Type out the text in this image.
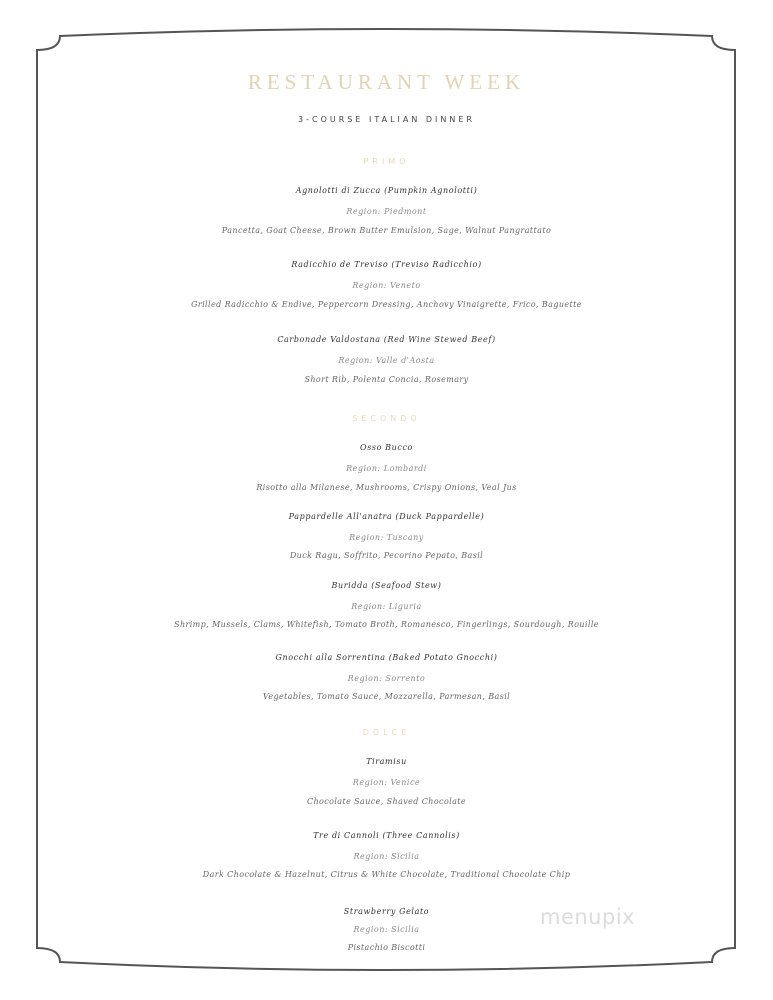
RESTAURANT WEEK
3-COURSE ITALIAN DINNER
PRIMO
Agnolotti di Zucca (Pumpkin Agnolotti)
Region: Piedmont
Pancetta, Goat Cheese, Brown Butter Emulsion, Sage, Walnut Pangrattato
Radicchio de Treviso (Treviso Radicchio)
Region: Veneto
Grilled Radicchio & Endive, Peppercorn Dressing, Anchovy Vinaigrette, Frico, Baguette
Carbonade Valdostana (Red Wine Stewed Beef)
Region: Valle d'Aosta
Short Rib, Polenta Concia, Rosemary
SECONDO
Osso Bucco
Region: Lombardi
Risotto alla Milanese, Mushrooms, Crispy Onions, Veal Jus
Pappardelle All'anatra (Duck Pappardelle)
Region: Tuscany
Duck Ragu, Soffrito, Pecorino Pepato, Basil
Buridda (Seafood Stew)
Region: Liguria
Shrimp, Mussels, Clams, Whitefish, Tomato Broth, Romanesco, Fingerlings, Sourdough, Rouille
Gnocchi alla Sorrentina (Baked Potato Gnocchi)
Region: Sorrento
Vegetables, Tomato Sauce, Mozzarella, Parmesan, Basil
DOLCE
Tiramisu
Region: Venice
Chocolate Sauce, Shaved Chocolate
Tre di Cannoli (Three Cannolis)
Region: Sicilia
Dark Chocolate & Hazelnut, Citrus & White Chocolate, Traditional Chocolate Chip
Strawberry Gelato
Region: Sicilia
Pistachio Biscotti
menupix
